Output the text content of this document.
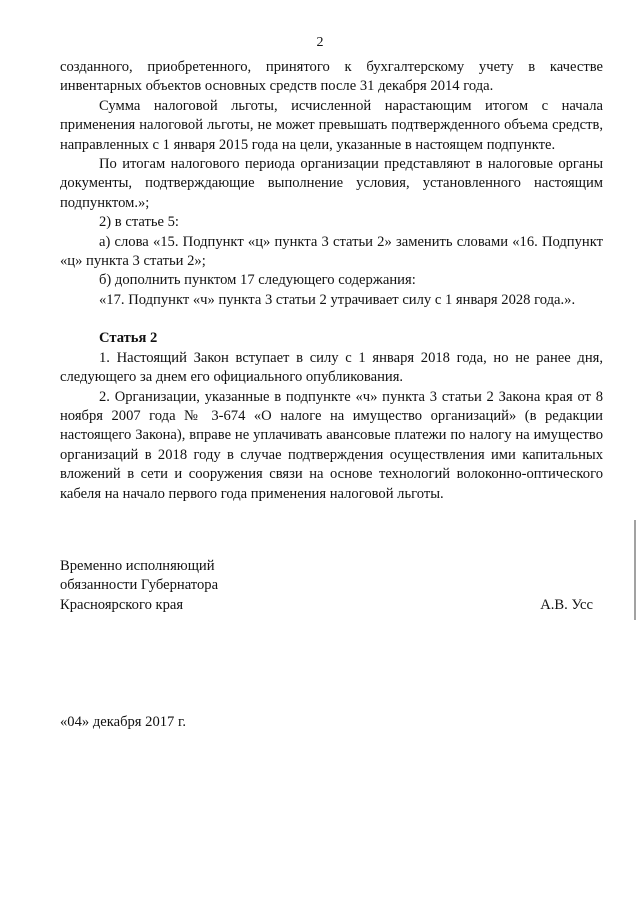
2

созданного, приобретенного, принятого к бухгалтерскому учету в качестве инвентарных объектов основных средств после 31 декабря 2014 года.

Сумма налоговой льготы, исчисленной нарастающим итогом с начала применения налоговой льготы, не может превышать подтвержденного объема средств, направленных с 1 января 2015 года на цели, указанные в настоящем подпункте.

По итогам налогового периода организации представляют в налоговые органы документы, подтверждающие выполнение условия, установленного настоящим подпунктом.»;

2) в статье 5:

а) слова «15. Подпункт «ц» пункта 3 статьи 2» заменить словами «16. Подпункт «ц» пункта 3 статьи 2»;

б) дополнить пунктом 17 следующего содержания:

«17. Подпункт «ч» пункта 3 статьи 2 утрачивает силу с 1 января 2028 года.».

Статья 2

1. Настоящий Закон вступает в силу с 1 января 2018 года, но не ранее дня, следующего за днем его официального опубликования.

2. Организации, указанные в подпункте «ч» пункта 3 статьи 2 Закона края от 8 ноября 2007 года № 3-674 «О налоге на имущество организаций» (в редакции настоящего Закона), вправе не уплачивать авансовые платежи по налогу на имущество организаций в 2018 году в случае подтверждения осуществления ими капитальных вложений в сети и сооружения связи на основе технологий волоконно-оптического кабеля на начало первого года применения налоговой льготы.

Временно исполняющий
обязанности Губернатора
Красноярского края	А.В. Усс
«04» декабря 2017 г.
